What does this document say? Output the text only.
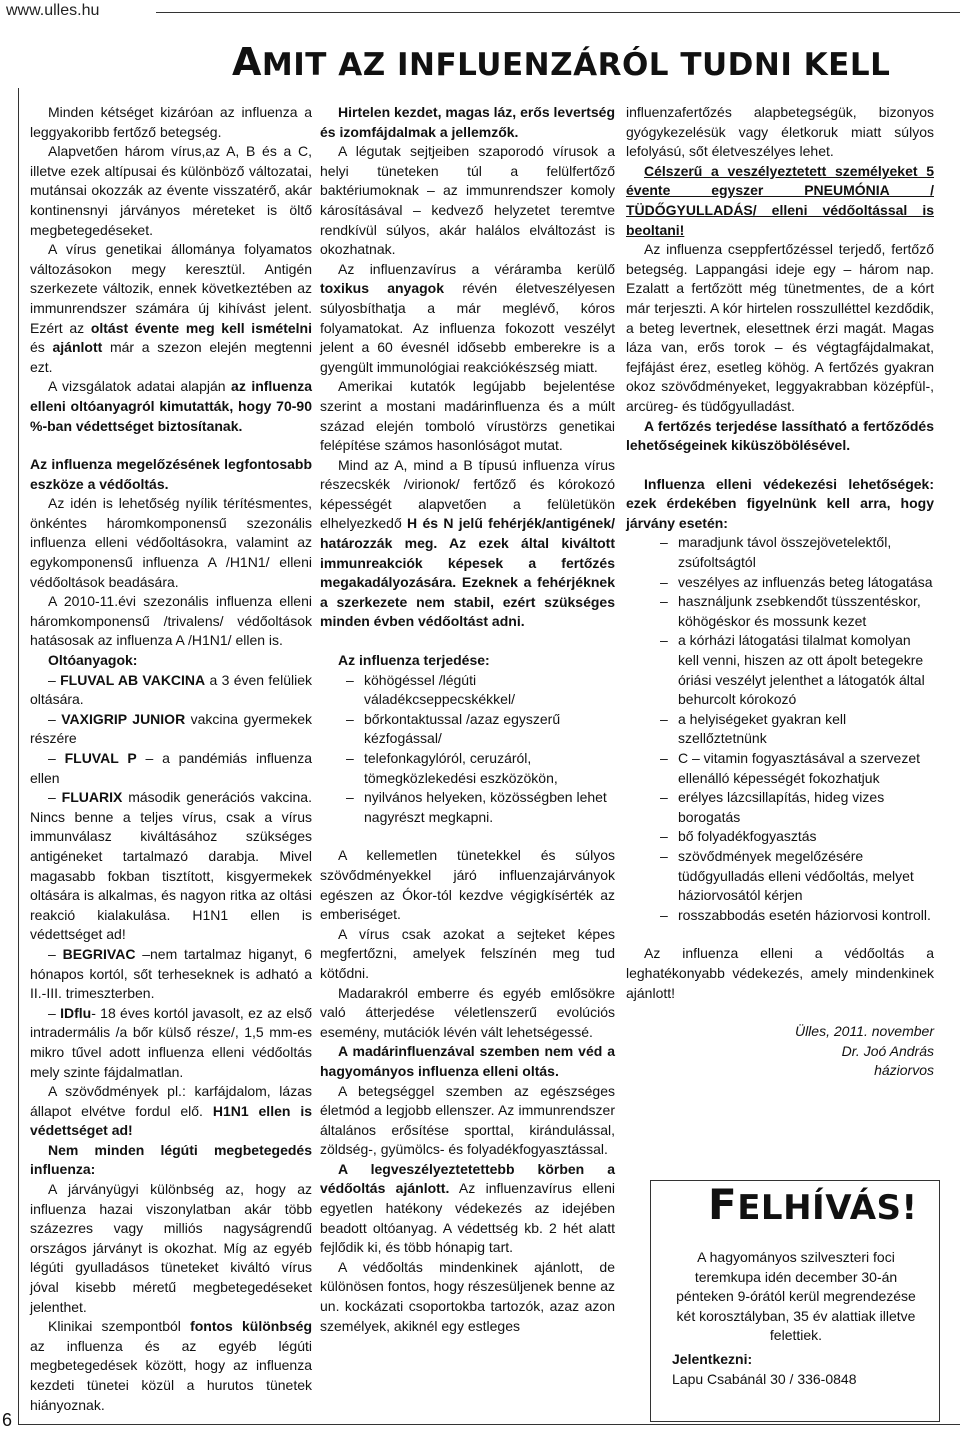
www.ulles.hu
AMIT AZ INFLUENZÁRÓL TUDNI KELL
6

Minden kétséget kizáróan az influenza a leggyakoribb fertőző betegség.

Alapvetően három vírus,az A, B és a C, illetve ezek altípusai és különböző változatai, mutánsai okozzák az évente visszatérő, akár kontinensnyi járványos méreteket is öltő megbetegedéseket.

A vírus genetikai állománya folyamatos változásokon megy keresztül. Antigén szerkezete változik, ennek következtében az immunrendszer számára új kihívást jelent. Ezért az oltást évente meg kell ismételni és ajánlott már a szezon elején megtenni ezt.

A vizsgálatok adatai alapján az influenza elleni oltóanyagról kimutatták, hogy 70-90 %-ban védettséget biztosítanak.

Az influenza megelőzésének legfontosabb eszköze a védőoltás.

Az idén is lehetőség nyílik térítésmentes, önkéntes háromkomponensű szezonális influenza elleni védőoltásokra, valamint az egykomponensű influenza A /H1N1/ elleni védőoltások beadására.

A 2010-11.évi szezonális influenza elleni háromkomponensű /trivalens/ védőoltások hatásosak az influenza A /H1N1/ ellen is.

Oltóanyagok:

– FLUVAL AB VAKCINA a 3 éven felüliek oltására.

– VAXIGRIP JUNIOR vakcina gyermekek részére

– FLUVAL P – a pandémiás influenza ellen

– FLUARIX második generációs vakcina. Nincs benne a teljes vírus, csak a vírus immunválasz kiváltásához szükséges antigéneket tartalmazó darabja. Mivel magasabb fokban tisztított, kisgyermekek oltására is alkalmas, és nagyon ritka az oltási reakció kialakulása. H1N1 ellen is védettséget ad!

– BEGRIVAC –nem tartalmaz higanyt, 6 hónapos kortól, sőt terheseknek is adható a II.-III. trimeszterben.

– IDflu- 18 éves kortól javasolt, ez az első intradermális /a bőr külső része/, 1,5 mm-es mikro tűvel adott influenza elleni védőoltás mely szinte fájdalmatlan.

A szövődmények pl.: karfájdalom, lázas állapot elvétve fordul elő. H1N1 ellen is védettséget ad!

Nem minden légúti megbetegedés influenza:

A járványügyi különbség az, hogy az influenza hazai viszonylatban akár több százezres vagy milliós nagyságrendű országos járványt is okozhat. Míg az egyéb légúti gyulladásos tüneteket kiváltó vírus jóval kisebb méretű megbetegedéseket jelenthet.

Klinikai szempontból fontos különbség az influenza és az egyéb légúti megbetegedések között, hogy az influenza kezdeti tünetei közül a hurutos tünetek hiányoznak.

Hirtelen kezdet, magas láz, erős levertség és izomfájdalmak a jellemzők.

A légutak sejtjeiben szaporodó vírusok a helyi tüneteken túl a felülfertőző baktériumoknak – az immunrendszer komoly károsításával – kedvező helyzetet teremtve rendkívül súlyos, akár halálos elváltozást is okozhatnak.

Az influenzavírus a véráramba kerülő toxikus anyagok révén életveszélyesen súlyosbíthatja a már meglévő, kóros folyamatokat. Az influenza fokozott veszélyt jelent a 60 évesnél idősebb emberekre is a gyengült immunológiai reakciókészség miatt.

Amerikai kutatók legújabb bejelentése szerint a mostani madárinfluenza és a múlt század elején tomboló vírustörzs genetikai felépítése számos hasonlóságot mutat.

Mind az A, mind a B típusú influenza vírus részecskék /virionok/ fertőző és kórokozó képességét alapvetően a felületükön elhelyezkedő H és N jelű fehérjék/antigének/ határozzák meg. Az ezek által kiváltott immunreakciók képesek a fertőzés megakadályozására. Ezeknek a fehérjéknek a szerkezete nem stabil, ezért szükséges minden évben védőoltást adni.

Az influenza terjedése:

– köhögéssel /légúti váladékcseppecskékkel/
– bőrkontaktussal /azaz egyszerű kézfogással/
– telefonkagylóról, ceruzáról, tömegközlekedési eszközökön,
– nyilvános helyeken, közösségben lehet nagyrészt megkapni.

A kellemetlen tünetekkel és súlyos szövődményekkel járó influenzajárványok egészen az Ókor-tól kezdve végigkísérték az emberiséget.

A vírus csak azokat a sejteket képes megfertőzni, amelyek felszínén meg tud kötődni.

Madarakról emberre és egyéb emlősökre való átterjedése véletlenszerű evolúciós esemény, mutációk lévén vált lehetségessé.

A madárinfluenzával szemben nem véd a hagyományos influenza elleni oltás.

A betegséggel szemben az egészséges életmód a legjobb ellenszer. Az immunrendszer általános erősítése sporttal, kirándulással, zöldség-, gyümölcs- és folyadékfogyasztással.

A legveszélyeztetettebb körben a védőoltás ajánlott. Az influenzavírus elleni egyetlen hatékony védekezés az idejében beadott oltóanyag. A védettség kb. 2 hét alatt fejlődik ki, és több hónapig tart.

A védőoltás mindenkinek ajánlott, de különösen fontos, hogy részesüljenek benne az un. kockázati csoportokba tartozók, azaz azon személyek, akiknél egy estleges

influenzafertőzés alapbetegségük, bizonyos gyógykezelésük vagy életkoruk miatt súlyos lefolyású, sőt életveszélyes lehet.

Célszerű a veszélyeztetett személyeket 5 évente egyszer PNEUMÓNIA / TÜDŐGYULLADÁS/ elleni védőoltással is beoltani!

Az influenza cseppfertőzéssel terjedő, fertőző betegség. Lappangási ideje egy – három nap. Ezalatt a fertőzött még tünetmentes, de a kórt már terjeszti. A kór hirtelen rosszulléttel kezdődik, a beteg levertnek, elesettnek érzi magát. Magas láza van, erős torok – és végtagfájdalmakat, fejfájást érez, esetleg köhög. A fertőzés gyakran okoz szövődményeket, leggyakrabban középfül-, arcüreg- és tüdőgyulladást.

A fertőzés terjedése lassítható a fertőződés lehetőségeinek kiküszöbölésével.

Influenza elleni védekezési lehetőségek: ezek érdekében figyelnünk kell arra, hogy járvány esetén:

– maradjunk távol összejövetelektől, zsúfoltságtól
– veszélyes az influenzás beteg látogatása
– használjunk zsebkendőt tüsszentéskor, köhögéskor és mossunk kezet
– a kórházi látogatási tilalmat komolyan kell venni, hiszen az ott ápolt betegekre óriási veszélyt jelenthet a látogatók által behurcolt kórokozó
– a helyiségeket gyakran kell szellőztetnünk
– C – vitamin fogyasztásával a szervezet ellenálló képességét fokozhatjuk
– erélyes lázcsillapítás, hideg vizes borogatás
– bő folyadékfogyasztás
– szövődmények megelőzésére tüdőgyulladás elleni védőoltás, melyet háziorvosától kérjen
– rosszabbodás esetén háziorvosi kontroll.

Az influenza elleni a védőoltás a leghatékonyabb védekezés, amely mindenkinek ajánlott!

Ülles, 2011. november
Dr. Joó András
háziorvos
FELHÍVÁS!
A hagyományos szilveszteri foci teremkupa idén december 30-án pénteken 9-órától kerül megrendezése két korosztályban, 35 év alattiak illetve felettiek.
Jelentkezni:
Lapu Csabánál 30 / 336-0848
